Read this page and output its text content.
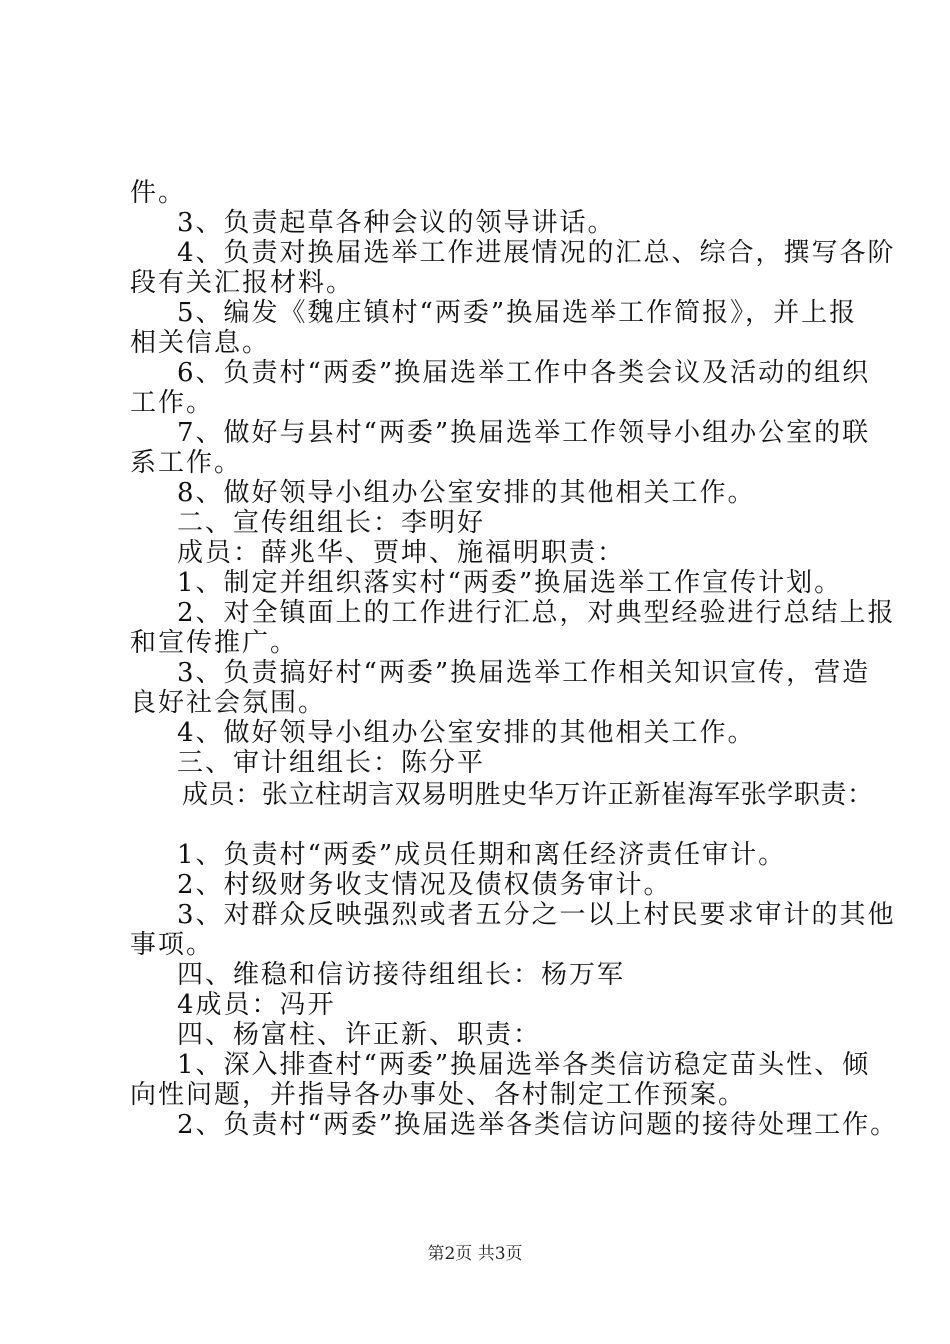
件。
3、负责起草各种会议的领导讲话。
4、负责对换届选举工作进展情况的汇总、综合，撰写各阶
段有关汇报材料。
5、编发《魏庄镇村“两委”换届选举工作简报》，并上报
相关信息。
6、负责村“两委”换届选举工作中各类会议及活动的组织
工作。
7、做好与县村“两委”换届选举工作领导小组办公室的联
系工作。
8、做好领导小组办公室安排的其他相关工作。
二、宣传组组长：李明好
成员：薛兆华、贾坤、施福明职责：
1、制定并组织落实村“两委”换届选举工作宣传计划。
2、对全镇面上的工作进行汇总，对典型经验进行总结上报
和宣传推广。
3、负责搞好村“两委”换届选举工作相关知识宣传，营造
良好社会氛围。
4、做好领导小组办公室安排的其他相关工作。
三、审计组组长：陈分平
成员：张立柱胡言双易明胜史华万许正新崔海军张学职责：
1、负责村“两委”成员任期和离任经济责任审计。
2、村级财务收支情况及债权债务审计。
3、对群众反映强烈或者五分之一以上村民要求审计的其他
事项。
四、维稳和信访接待组组长：杨万军
4成员：冯开
四、杨富柱、许正新、职责：
1、深入排查村“两委”换届选举各类信访稳定苗头性、倾
向性问题，并指导各办事处、各村制定工作预案。
2、负责村“两委”换届选举各类信访问题的接待处理工作。
第2页 共3页
